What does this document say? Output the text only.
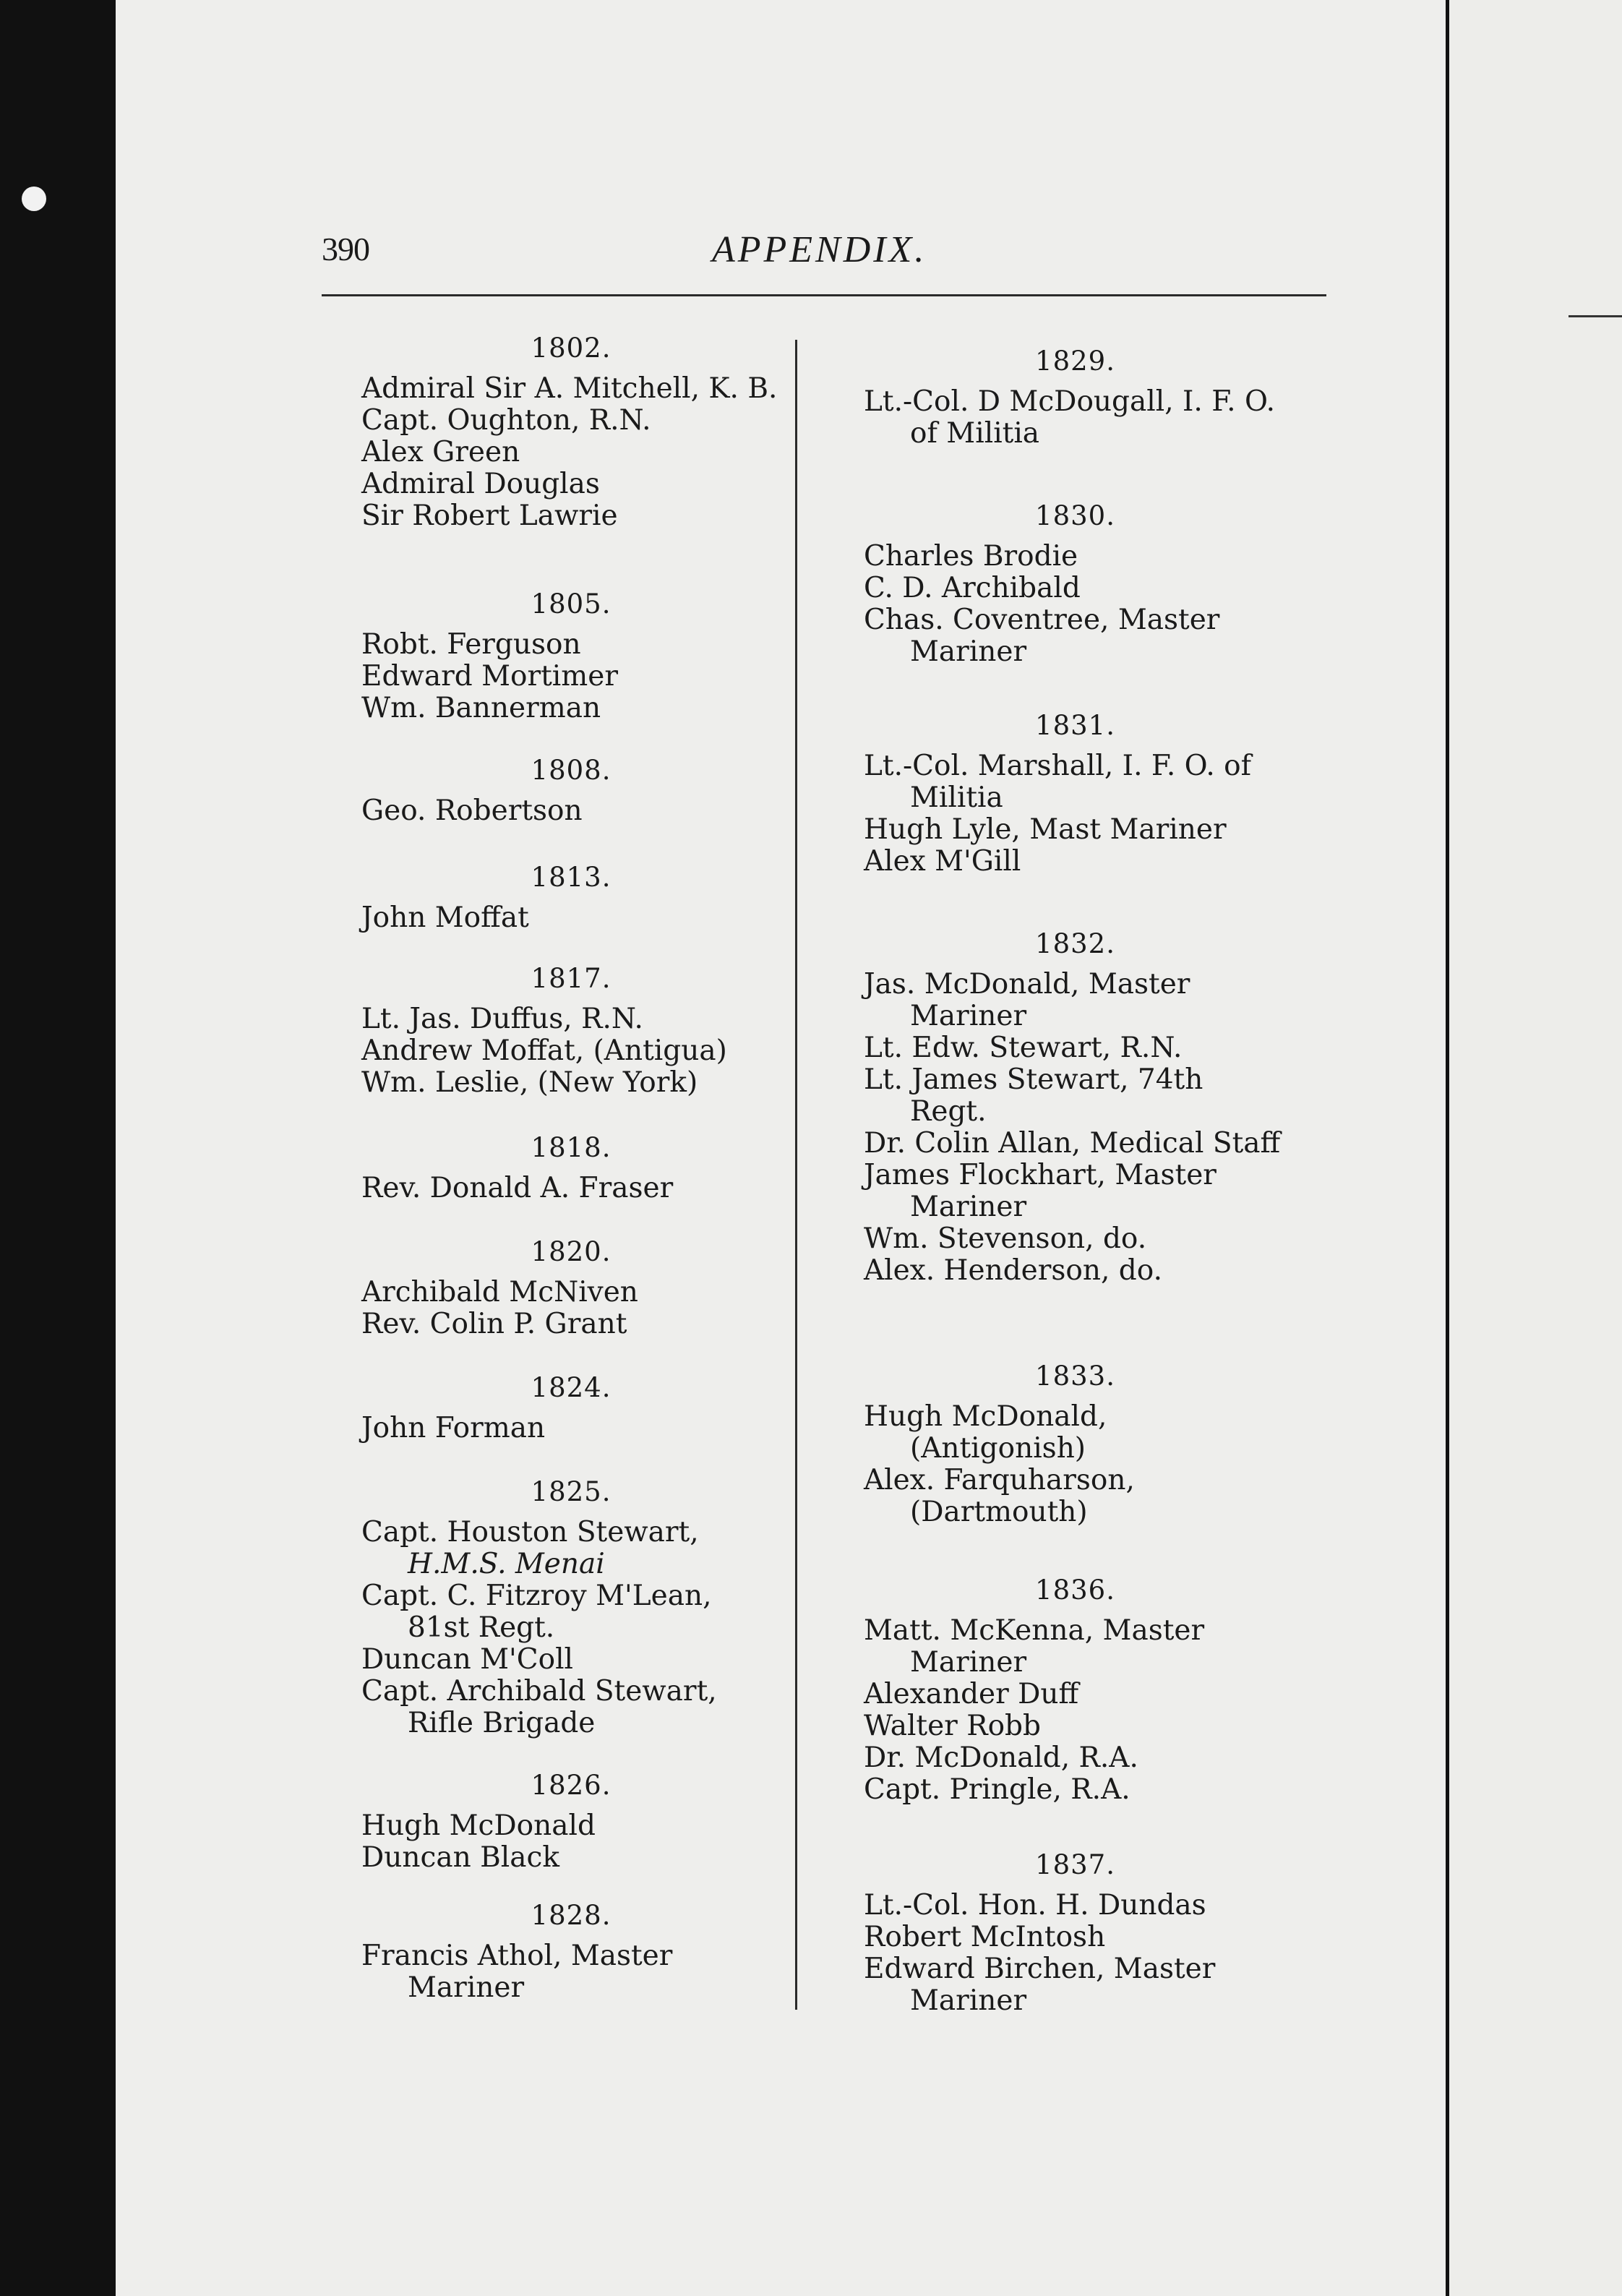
390	APPENDIX.
1802.
Admiral Sir A. Mitchell, K. B.
Capt. Oughton, R.N.
Alex Green
Admiral Douglas
Sir Robert Lawrie
1805.
Robt. Ferguson
Edward Mortimer
Wm. Bannerman
1808.
Geo. Robertson
1813.
John Moffat
1817.
Lt. Jas. Duffus, R.N.
Andrew Moffat, (Antigua)
Wm. Leslie, (New York)
1818.
Rev. Donald A. Fraser
1820.
Archibald McNiven
Rev. Colin P. Grant
1824.
John Forman
1825.
Capt. Houston Stewart,
H.M.S. Menai
Capt. C. Fitzroy M'Lean, 81st Regt.
Duncan M'Coll
Capt. Archibald Stewart, Rifle Brigade
1826.
Hugh McDonald
Duncan Black
1828.
Francis Athol, Master Mariner
1829.
Lt.-Col. D McDougall, I. F. O. of Militia
1830.
Charles Brodie
C. D. Archibald
Chas. Coventree, Master Mariner
1831.
Lt.-Col. Marshall, I. F. O. of Militia
Hugh Lyle, Mast Mariner
Alex M'Gill
1832.
Jas. McDonald, Master Mariner
Lt. Edw. Stewart, R.N.
Lt. James Stewart, 74th Regt.
Dr. Colin Allan, Medical Staff
James Flockhart, Master Mariner
Wm. Stevenson, do.
Alex. Henderson, do.
1833.
Hugh McDonald, (Antigonish)
Alex. Farquharson, (Dartmouth)
1836.
Matt. McKenna, Master Mariner
Alexander Duff
Walter Robb
Dr. McDonald, R.A.
Capt. Pringle, R.A.
1837.
Lt.-Col. Hon. H. Dundas
Robert McIntosh
Edward Birchen, Master Mariner
